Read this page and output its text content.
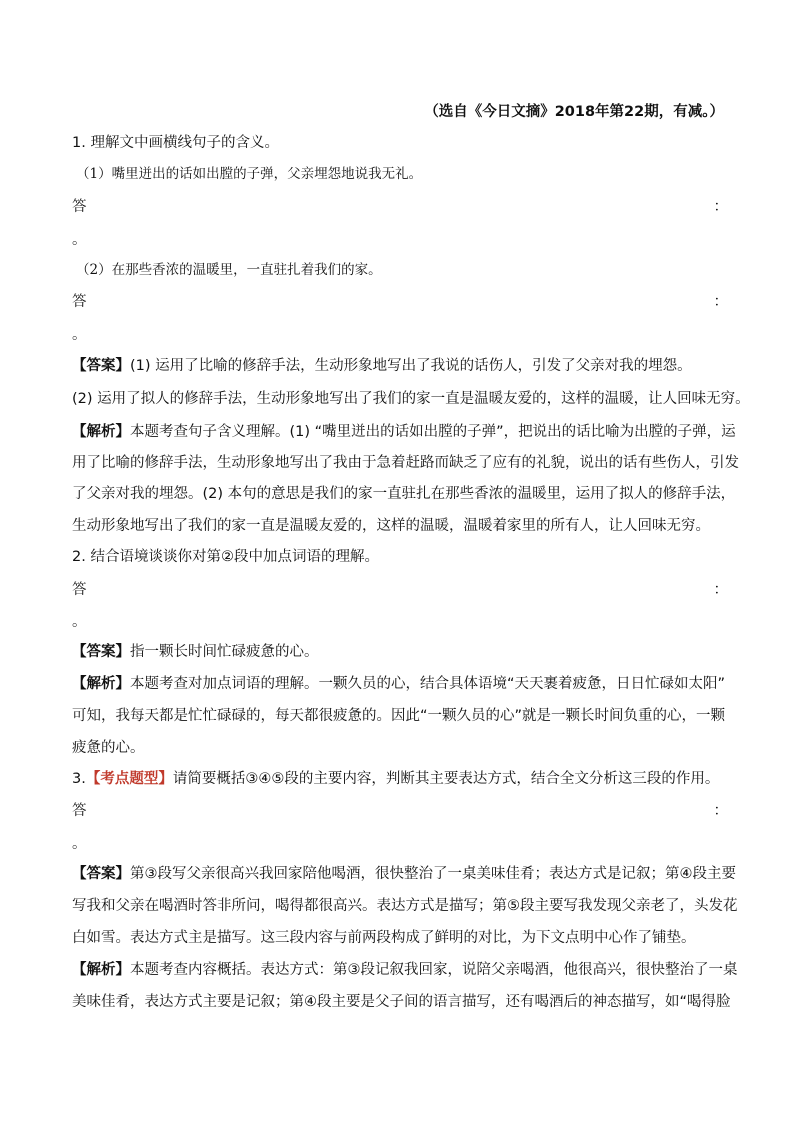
（选自《今日文摘》2018年第22期，有减。）
1. 理解文中画横线句子的含义。
（1）嘴里迸出的话如出膛的子弹，父亲埋怨地说我无礼。
答	：
。
（2）在那些香浓的温暖里，一直驻扎着我们的家。
答	：
。
【答案】(1) 运用了比喻的修辞手法，生动形象地写出了我说的话伤人，引发了父亲对我的埋怨。
(2) 运用了拟人的修辞手法，生动形象地写出了我们的家一直是温暖友爱的，这样的温暖，让人回味无穷。
【解析】本题考查句子含义理解。(1) “嘴里迸出的话如出膛的子弹”，把说出的话比喻为出膛的子弹，运
用了比喻的修辞手法，生动形象地写出了我由于急着赶路而缺乏了应有的礼貌，说出的话有些伤人，引发
了父亲对我的埋怨。(2) 本句的意思是我们的家一直驻扎在那些香浓的温暖里，运用了拟人的修辞手法，
生动形象地写出了我们的家一直是温暖友爱的，这样的温暖，温暖着家里的所有人，让人回味无穷。
2. 结合语境谈谈你对第②段中加点词语的理解。
答	：
。
【答案】指一颗长时间忙碌疲惫的心。
【解析】本题考查对加点词语的理解。一颗久员的心，结合具体语境“天天裹着疲惫，日日忙碌如太阳”
可知，我每天都是忙忙碌碌的，每天都很疲惫的。因此“一颗久员的心”就是一颗长时间负重的心，一颗
疲惫的心。
3.【考点题型】请简要概括③④⑤段的主要内容，判断其主要表达方式，结合全文分析这三段的作用。
答	：
。
【答案】第③段写父亲很高兴我回家陪他喝酒，很快整治了一桌美味佳肴；表达方式是记叙；第④段主要
写我和父亲在喝酒时答非所问，喝得都很高兴。表达方式是描写；第⑤段主要写我发现父亲老了，头发花
白如雪。表达方式主是描写。这三段内容与前两段构成了鲜明的对比，为下文点明中心作了铺垫。
【解析】本题考查内容概括。表达方式：第③段记叙我回家，说陪父亲喝酒，他很高兴，很快整治了一桌
美味佳肴，表达方式主要是记叙；第④段主要是父子间的语言描写，还有喝酒后的神态描写，如“喝得脸
